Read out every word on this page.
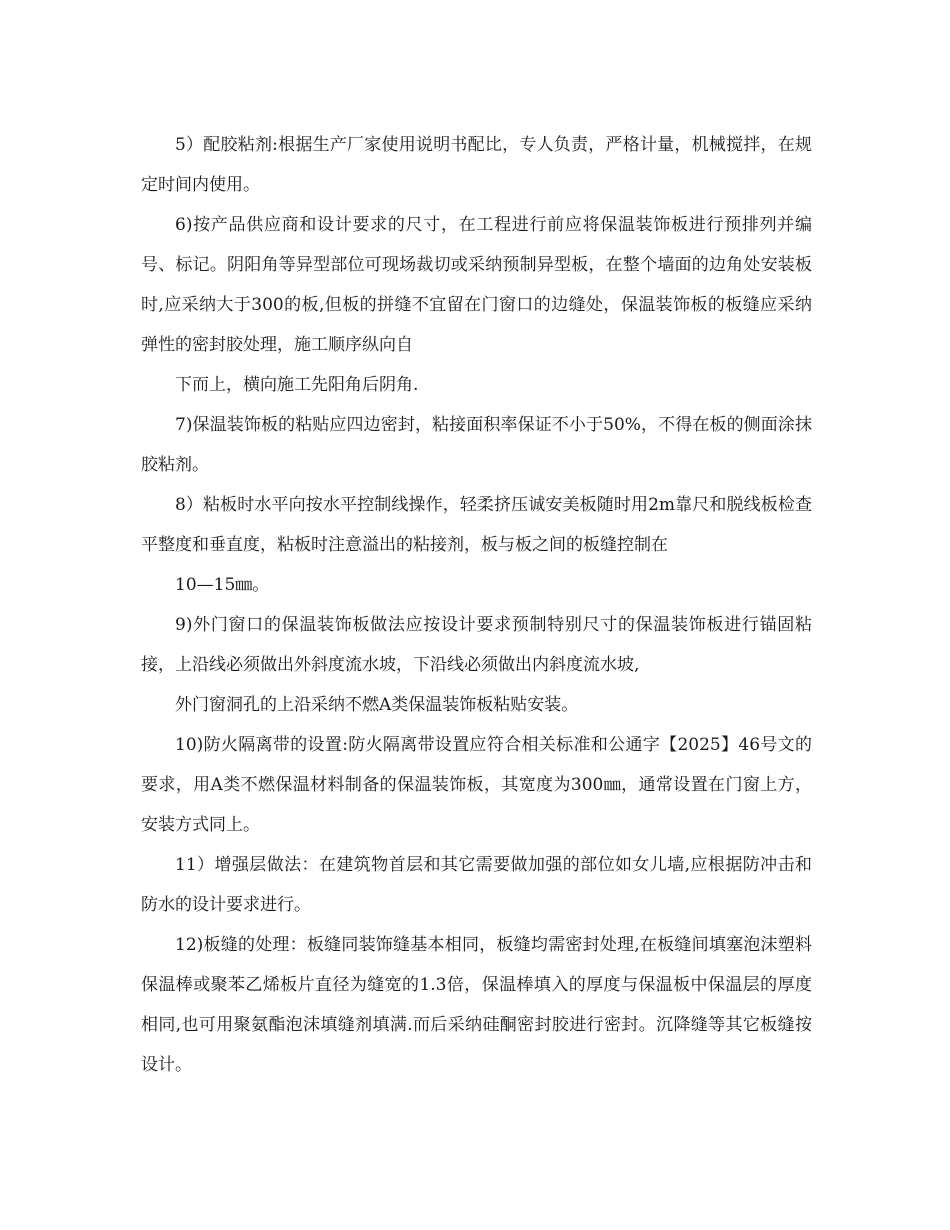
5）配胶粘剂:根据生产厂家使用说明书配比，专人负责，严格计量，机械搅拌，在规定时间内使用。

6)按产品供应商和设计要求的尺寸，在工程进行前应将保温装饰板进行预排列并编号、标记。阴阳角等异型部位可现场裁切或采纳预制异型板，在整个墙面的边角处安装板时,应采纳大于300的板,但板的拼缝不宜留在门窗口的边缝处，保温装饰板的板缝应采纳弹性的密封胶处理，施工顺序纵向自

下而上，横向施工先阳角后阴角.

7)保温装饰板的粘贴应四边密封，粘接面积率保证不小于50%，不得在板的侧面涂抹胶粘剂。

8）粘板时水平向按水平控制线操作，轻柔挤压诚安美板随时用2m靠尺和脱线板检查平整度和垂直度，粘板时注意溢出的粘接剂，板与板之间的板缝控制在

10—15㎜。

9)外门窗口的保温装饰板做法应按设计要求预制特别尺寸的保温装饰板进行锚固粘接，上沿线必须做出外斜度流水坡，下沿线必须做出内斜度流水坡,

外门窗洞孔的上沿采纳不燃A类保温装饰板粘贴安装。

10)防火隔离带的设置:防火隔离带设置应符合相关标准和公通字【2025】46号文的要求，用A类不燃保温材料制备的保温装饰板，其宽度为300㎜，通常设置在门窗上方，安装方式同上。

11）增强层做法：在建筑物首层和其它需要做加强的部位如女儿墙,应根据防冲击和防水的设计要求进行。

12)板缝的处理：板缝同装饰缝基本相同，板缝均需密封处理,在板缝间填塞泡沫塑料保温棒或聚苯乙烯板片直径为缝宽的1.3倍，保温棒填入的厚度与保温板中保温层的厚度相同,也可用聚氨酯泡沫填缝剂填满.而后采纳硅酮密封胶进行密封。沉降缝等其它板缝按设计。
